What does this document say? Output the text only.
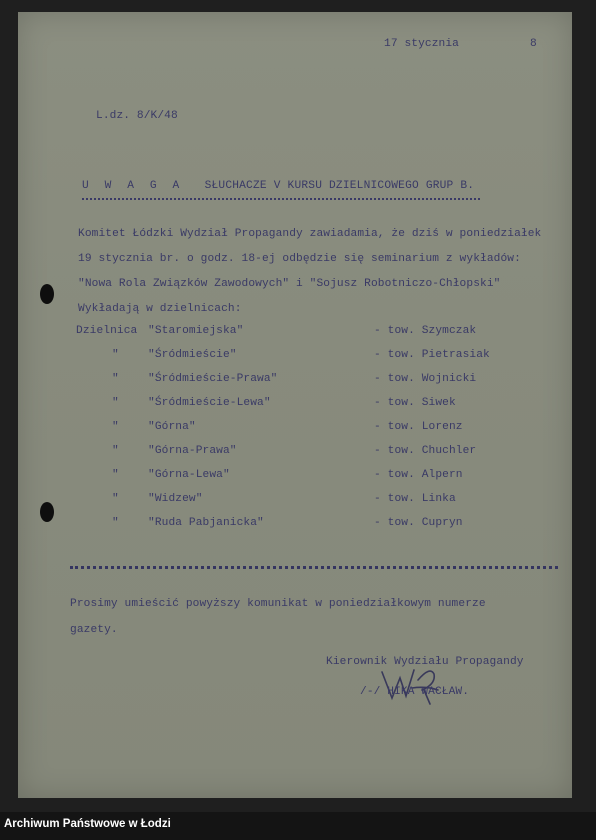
17 stycznia	8
L.dz. 8/K/48
U W A G A SŁUCHACZE V KURSU DZIELNICOWEGO GRUP B.
Komitet Łódzki Wydział Propagandy zawiadamia, że dziś w poniedziałek
19 stycznia br. o godz. 18-ej odbędzie się seminarium z wykładów:
"Nowa Rola Związków Zawodowych" i "Sojusz Robotniczo-Chłopski"
Wykładają w dzielnicach:
Dzielnica "Staromiejska"	- tow. Szymczak
"	"Śródmieście"	- tow. Pietrasiak
"	"Śródmieście-Prawa"	- tow. Wojnicki
"	"Śródmieście-Lewa"	- tow. Siwek
"	"Górna"	- tow. Lorenz
"	"Górna-Prawa"	- tow. Chuchler
"	"Górna-Lewa"	- tow. Alpern
"	"Widzew"	- tow. Linka
"	"Ruda Pabjanicka"	- tow. Cupryn
Prosimy umieścić powyższy komunikat w poniedziałkowym numerze
gazety.
Kierownik Wydziału Propagandy
/-/ HIKA WACŁAW.
Archiwum Państwowe w Łodzi
